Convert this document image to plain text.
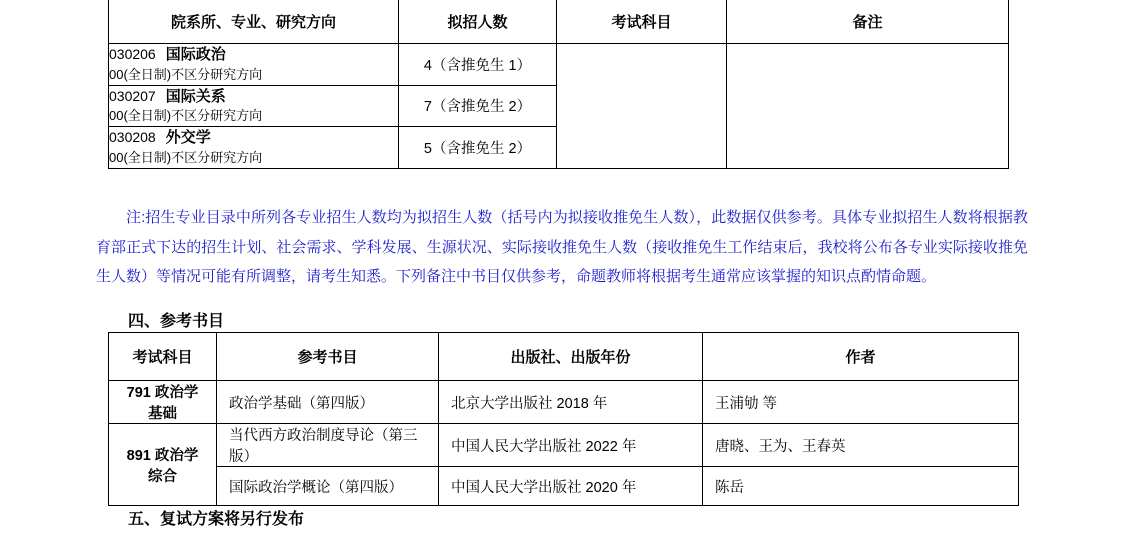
院系所、专业、研究方向	拟招人数	考试科目	备注

030206 国际政治
00(全日制)不区分研究方向	4（含推免生 1）		

030207 国际关系
00(全日制)不区分研究方向	7（含推免生 2）		

030208 外交学
00(全日制)不区分研究方向	5（含推免生 2）		
注:招生专业目录中所列各专业招生人数均为拟招生人数（括号内为拟接收推免生人数），此数据仅供参考。具体专业拟招生人数将根据教育部正式下达的招生计划、社会需求、学科发展、生源状况、实际接收推免生人数（接收推免生工作结束后，我校将公布各专业实际接收推免生人数）等情况可能有所调整，请考生知悉。下列备注中书目仅供参考，命题教师将根据考生通常应该掌握的知识点酌情命题。
四、参考书目
考试科目	参考书目	出版社、出版年份	作者
791 政治学基础	政治学基础（第四版）	北京大学出版社 2018 年	王浦劬 等
891 政治学综合	当代西方政治制度导论（第三版）	中国人民大学出版社 2022 年	唐晓、王为、王春英
	国际政治学概论（第四版）	中国人民大学出版社 2020 年	陈岳
五、复试方案将另行发布
